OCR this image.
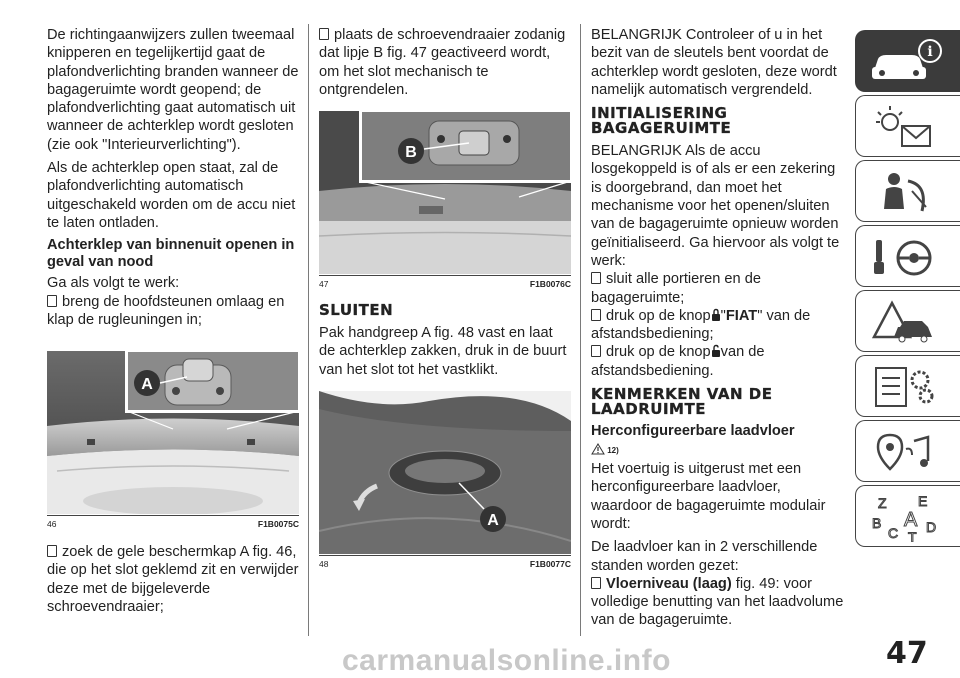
De richtingaanwijzers zullen tweemaal knipperen en tegelijkertijd gaat de plafondverlichting branden wanneer de bagageruimte wordt geopend; de plafondverlichting gaat automatisch uit wanneer de achterklep wordt gesloten (zie ook "Interieurverlichting").

Als de achterklep open staat, zal de plafondverlichting automatisch uitgeschakeld worden om de accu niet te laten ontladen.

Achterklep van binnenuit openen in geval van nood

Ga als volgt te werk:

breng de hoofdsteunen omlaag en klap de rugleuningen in;

A
46	F1B0075C

zoek de gele beschermkap A fig. 46, die op het slot geklemd zit en verwijder deze met de bijgeleverde schroevendraaier;

plaats de schroevendraaier zodanig dat lipje B fig. 47 geactiveerd wordt, om het slot mechanisch te ontgrendelen.

B
47	F1B0076C
SLUITEN

Pak handgreep A fig. 48 vast en laat de achterklep zakken, druk in de buurt van het slot tot het vastklikt.

A
48	F1B0077C

BELANGRIJK Controleer of u in het bezit van de sleutels bent voordat de achterklep wordt gesloten, deze wordt namelijk automatisch vergrendeld.

INITIALISERING BAGAGERUIMTE

BELANGRIJK Als de accu losgekoppeld is of als er een zekering is doorgebrand, dan moet het mechanisme voor het openen/sluiten van de bagageruimte opnieuw worden geïnitialiseerd. Ga hiervoor als volgt te werk:

sluit alle portieren en de bagageruimte;

druk op de knop "FIAT" van de afstandsbediening;

druk op de knop van de afstandsbediening.

KENMERKEN VAN DE LAADRUIMTE
Herconfigureerbare laadvloer

12)

Het voertuig is uitgerust met een herconfigureerbare laadvloer, waardoor de bagageruimte modulair wordt:

De laadvloer kan in 2 verschillende standen worden gezet:

Vloerniveau (laag) fig. 49: voor volledige benutting van het laadvolume van de bagageruimte.

i
Z E
B A
C D
T
47
carmanualsonline.info
